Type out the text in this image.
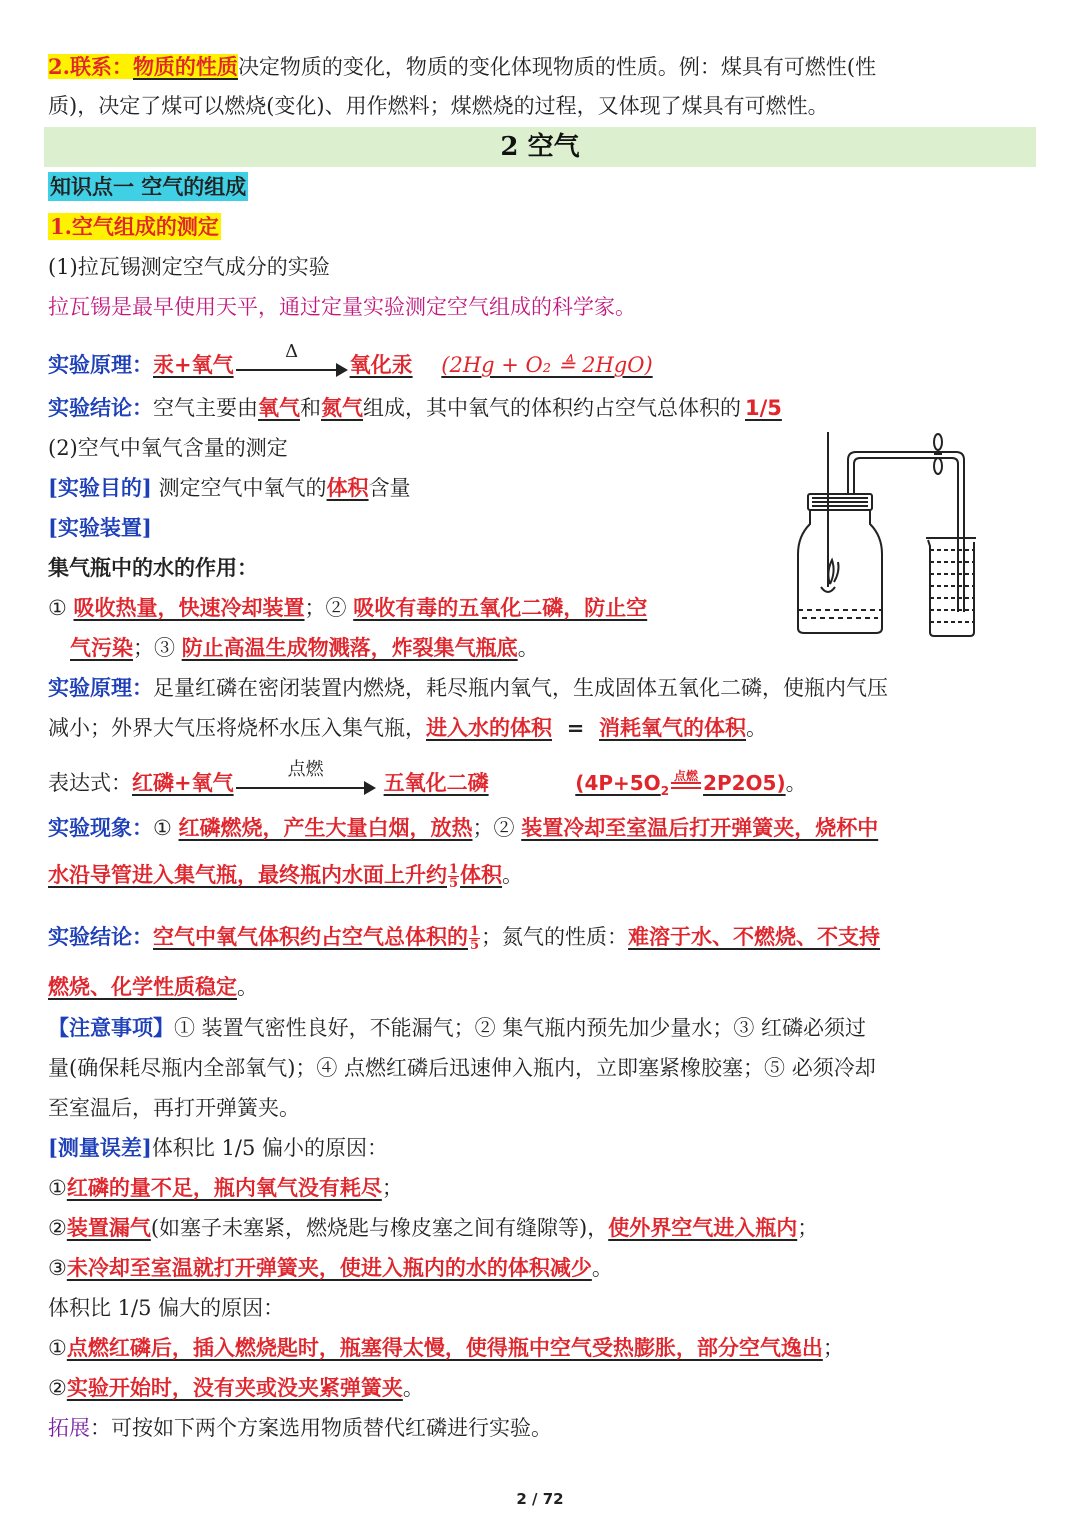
2.联系：物质的性质决定物质的变化，物质的变化体现物质的性质。例：煤具有可燃性(性
质)，决定了煤可以燃烧(变化)、用作燃料；煤燃烧的过程，又体现了煤具有可燃性。
2 空气
知识点一 空气的组成
1.空气组成的测定
(1)拉瓦锡测定空气成分的实验
拉瓦锡是最早使用天平，通过定量实验测定空气组成的科学家。
实验原理：汞+氧气
Δ
氧化汞 (2Hg + O₂ ≜ 2HgO)
实验结论：空气主要由氧气和氮气组成，其中氧气的体积约占空气总体积的 1/5
(2)空气中氧气含量的测定
[实验目的] 测定空气中氧气的体积含量
[实验装置]
集气瓶中的水的作用：
① 吸收热量，快速冷却装置；② 吸收有毒的五氧化二磷，防止空
气污染；③ 防止高温生成物溅落，炸裂集气瓶底。
实验原理：足量红磷在密闭装置内燃烧，耗尽瓶内氧气，生成固体五氧化二磷，使瓶内气压
减小；外界大气压将烧杯水压入集气瓶，进入水的体积 = 消耗氧气的体积。
表达式：红磷+氧气
点燃
五氧化二磷	($4P+5O_2$
点燃 2P2O5)。
实验现象：① 红磷燃烧，产生大量白烟，放热；② 装置冷却至室温后打开弹簧夹，烧杯中
水沿导管进入集气瓶，最终瓶内水面上升约 $\frac{1}{5}$ 体积。
实验结论：空气中氧气体积约占空气总体积的 $\frac{1}{5}$ ；氮气的性质：难溶于水、不燃烧、不支持
燃烧、化学性质稳定。
【注意事项】① 装置气密性良好，不能漏气；② 集气瓶内预先加少量水；③ 红磷必须过
量(确保耗尽瓶内全部氧气)；④ 点燃红磷后迅速伸入瓶内，立即塞紧橡胶塞；⑤ 必须冷却
至室温后，再打开弹簧夹。
[测量误差]体积比 1/5 偏小的原因：
①红磷的量不足，瓶内氧气没有耗尽；
②装置漏气(如塞子未塞紧，燃烧匙与橡皮塞之间有缝隙等)，使外界空气进入瓶内；
③未冷却至室温就打开弹簧夹，使进入瓶内的水的体积减少。
体积比 1/5 偏大的原因：
①点燃红磷后，插入燃烧匙时，瓶塞得太慢，使得瓶中空气受热膨胀，部分空气逸出；
②实验开始时，没有夹或没夹紧弹簧夹。
拓展：可按如下两个方案选用物质替代红磷进行实验。
2 / 72
